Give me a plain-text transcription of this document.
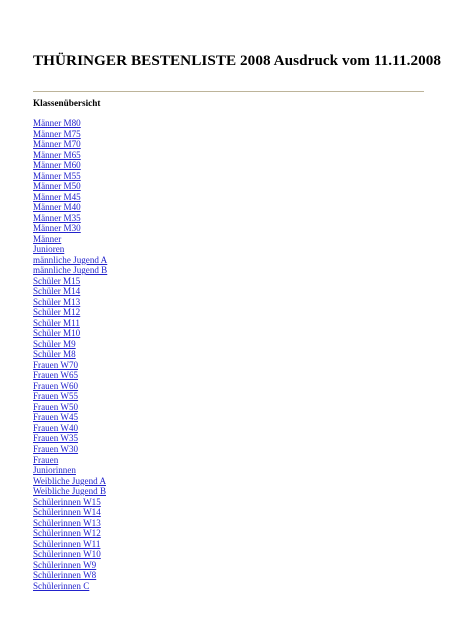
THÜRINGER BESTENLISTE 2008 Ausdruck vom 11.11.2008
Klassenübersicht
Männer M80
Männer M75
Männer M70
Männer M65
Männer M60
Männer M55
Männer M50
Männer M45
Männer M40
Männer M35
Männer M30
Männer
Junioren
männliche Jugend A
männliche Jugend B
Schüler M15
Schüler M14
Schüler M13
Schüler M12
Schüler M11
Schüler M10
Schüler M9
Schüler M8
Frauen W70
Frauen W65
Frauen W60
Frauen W55
Frauen W50
Frauen W45
Frauen W40
Frauen W35
Frauen W30
Frauen
Juniorinnen
Weibliche Jugend A
Weibliche Jugend B
Schülerinnen W15
Schülerinnen W14
Schülerinnen W13
Schülerinnen W12
Schülerinnen W11
Schülerinnen W10
Schülerinnen W9
Schülerinnen W8
Schülerinnen C
